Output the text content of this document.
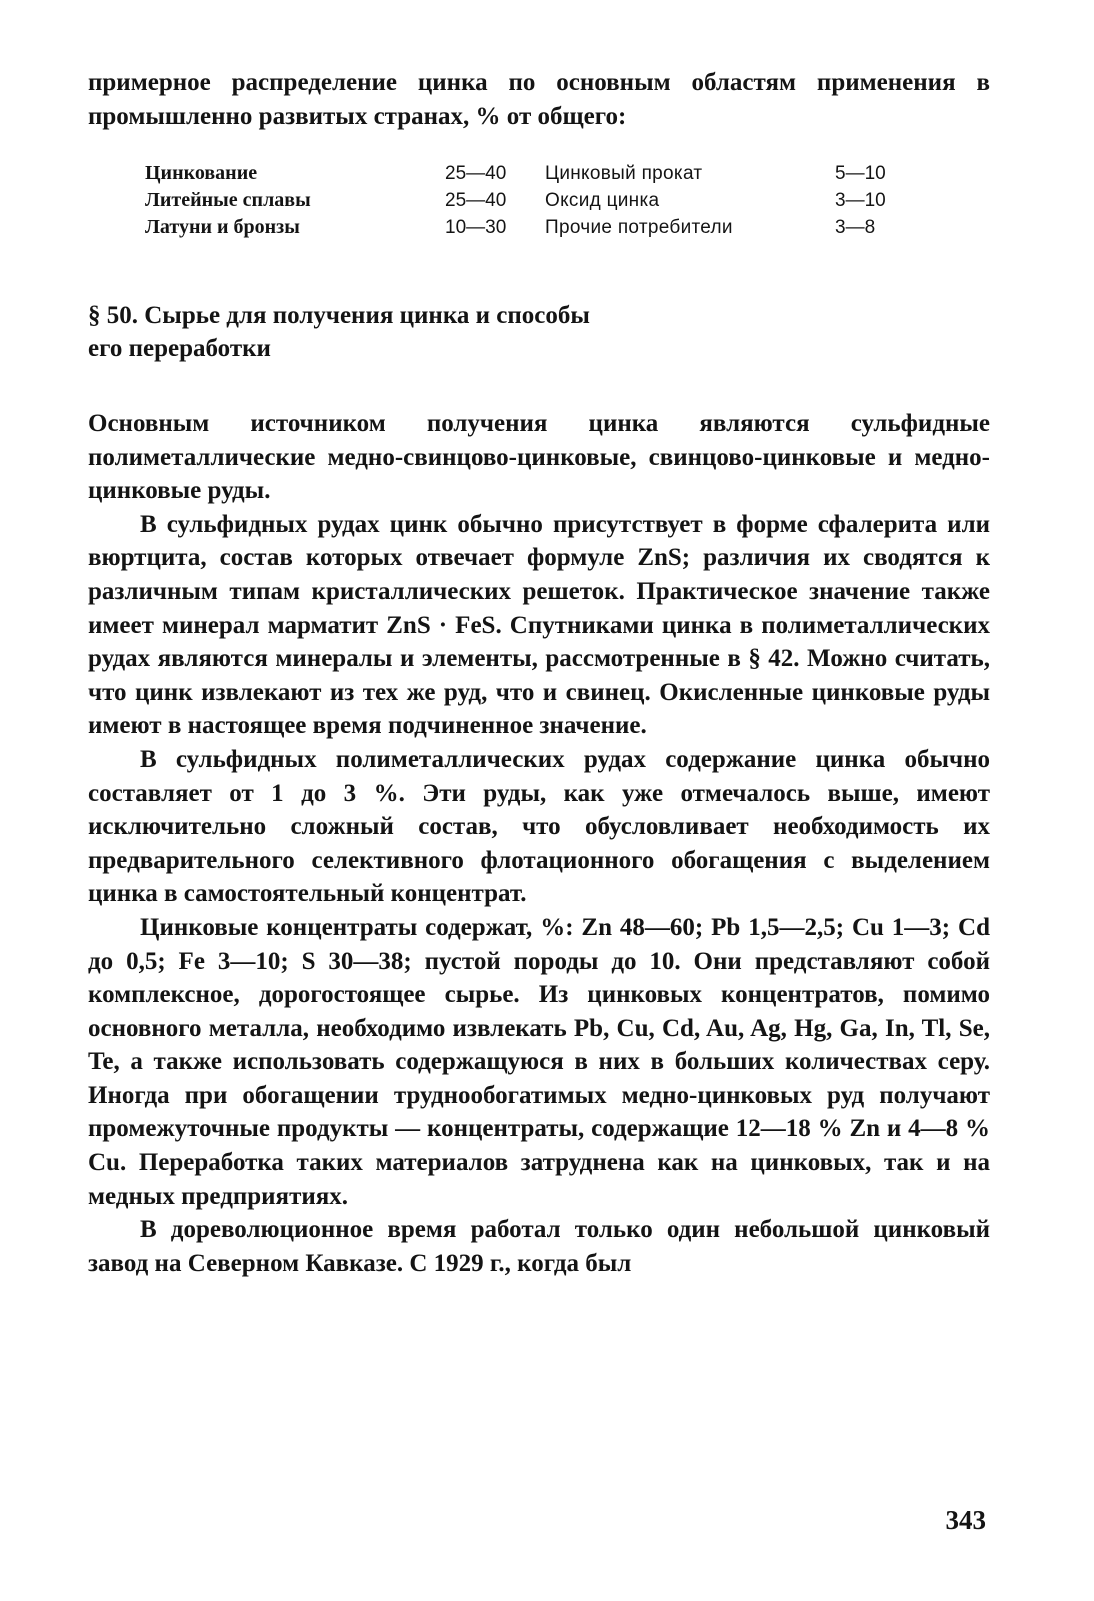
примерное распределение цинка по основным областям применения в промышленно развитых странах, % от общего:

Цинкование	25—40	Цинковый прокат	5—10
Литейные сплавы	25—40	Оксид цинка	3—10
Латуни и бронзы	10—30	Прочие потребители	3—8
§ 50. Сырье для получения цинка и способы
его переработки

Основным источником получения цинка являются сульфидные полиметаллические медно-свинцово-цинковые, свинцово-цинковые и медно-цинковые руды.

В сульфидных рудах цинк обычно присутствует в форме сфалерита или вюртцита, состав которых отвечает формуле ZnS; различия их сводятся к различным типам кристаллических решеток. Практическое значение также имеет минерал марматит ZnS · FeS. Спутниками цинка в полиметаллических рудах являются минералы и элементы, рассмотренные в § 42. Можно считать, что цинк извлекают из тех же руд, что и свинец. Окисленные цинковые руды имеют в настоящее время подчиненное значение.

В сульфидных полиметаллических рудах содержание цинка обычно составляет от 1 до 3 %. Эти руды, как уже отмечалось выше, имеют исключительно сложный состав, что обусловливает необходимость их предварительного селективного флотационного обогащения с выделением цинка в самостоятельный концентрат.

Цинковые концентраты содержат, %: Zn 48—60; Pb 1,5—2,5; Cu 1—3; Cd до 0,5; Fe 3—10; S 30—38; пустой породы до 10. Они представляют собой комплексное, дорогостоящее сырье. Из цинковых концентратов, помимо основного металла, необходимо извлекать Pb, Cu, Cd, Au, Ag, Hg, Ga, In, Tl, Se, Te, а также использовать содержащуюся в них в больших количествах серу. Иногда при обогащении труднообогатимых медно-цинковых руд получают промежуточные продукты — концентраты, содержащие 12—18 % Zn и 4—8 % Cu. Переработка таких материалов затруднена как на цинковых, так и на медных предприятиях.

В дореволюционное время работал только один небольшой цинковый завод на Северном Кавказе. С 1929 г., когда был

343
